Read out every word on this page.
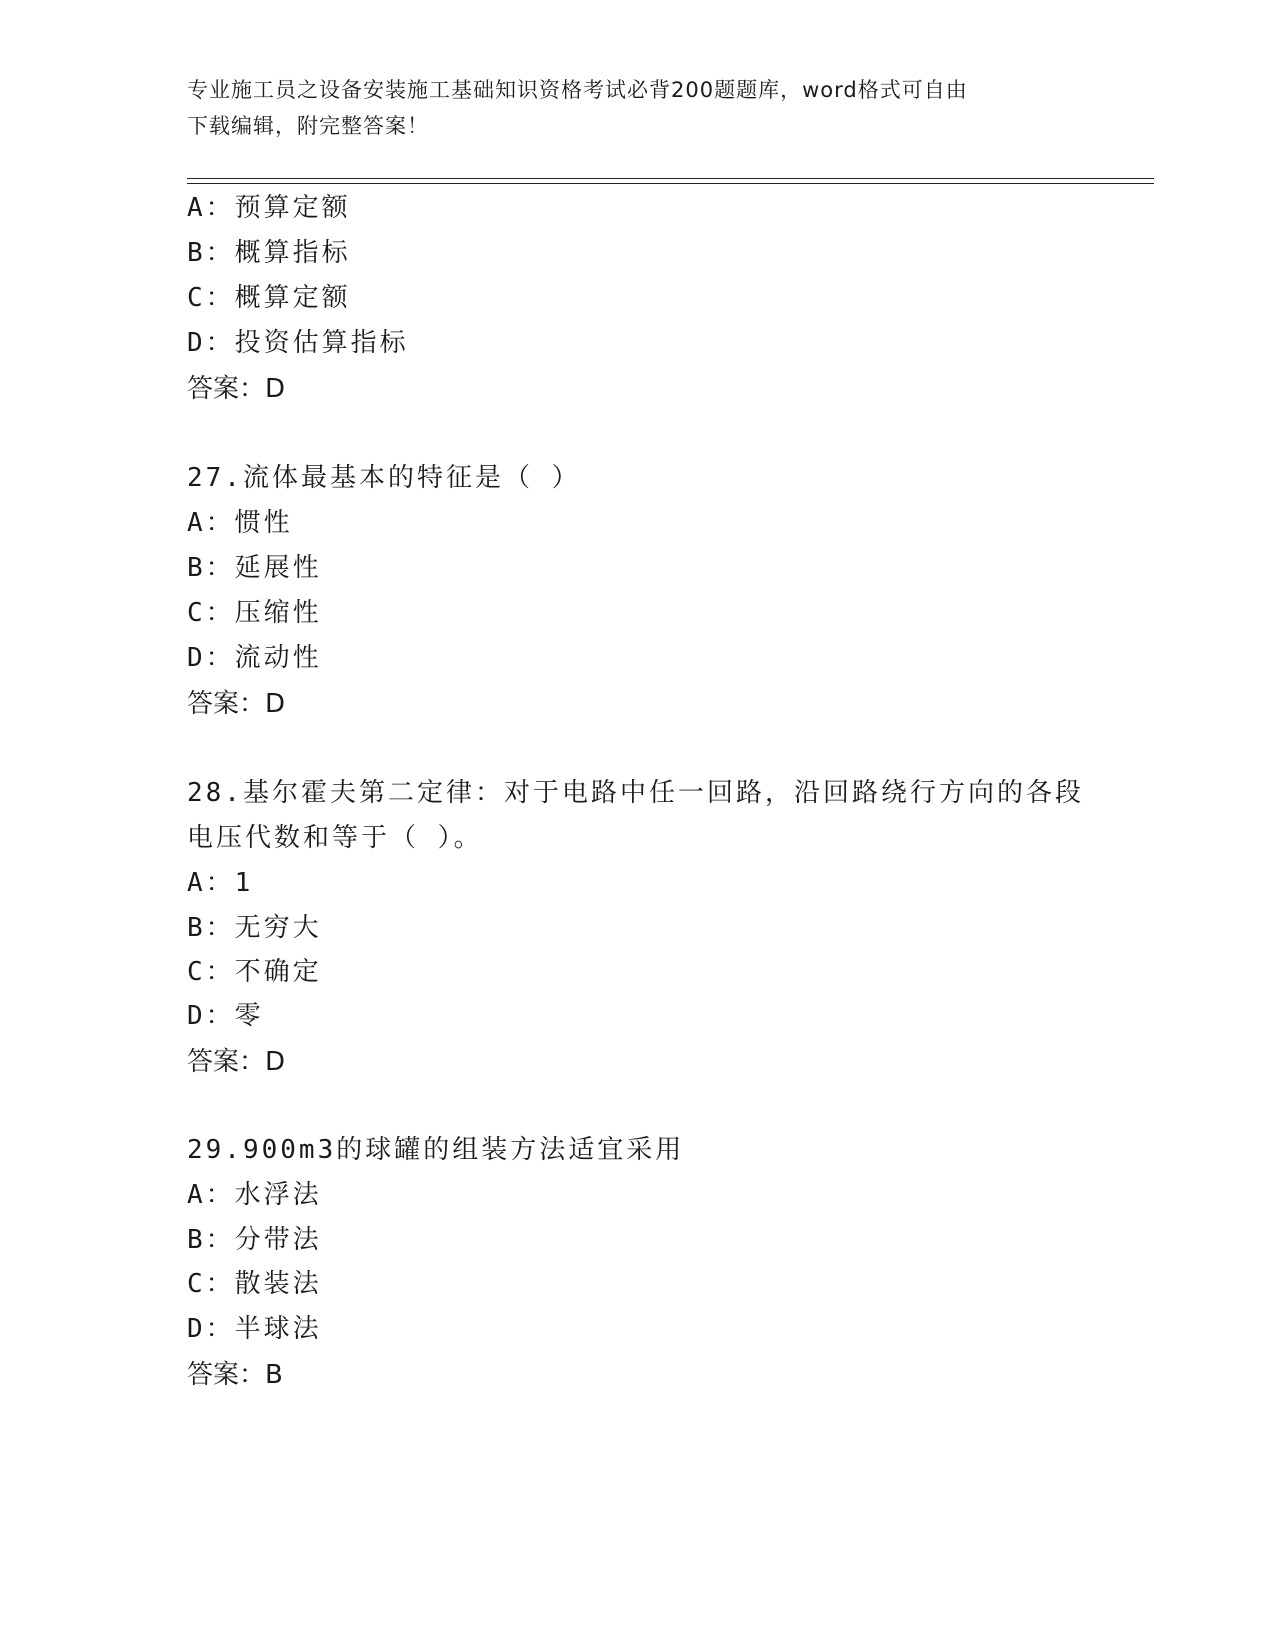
专业施工员之设备安装施工基础知识资格考试必背200题题库，word格式可自由
下载编辑，附完整答案！
A：预算定额
B：概算指标
C：概算定额
D：投资估算指标
答案：D
27.流体最基本的特征是（ ）
A：惯性
B：延展性
C：压缩性
D：流动性
答案：D
28.基尔霍夫第二定律：对于电路中任一回路，沿回路绕行方向的各段
电压代数和等于（ ）。
A：1
B：无穷大
C：不确定
D：零
答案：D
29.900m3的球罐的组装方法适宜采用
A：水浮法
B：分带法
C：散装法
D：半球法
答案：B
